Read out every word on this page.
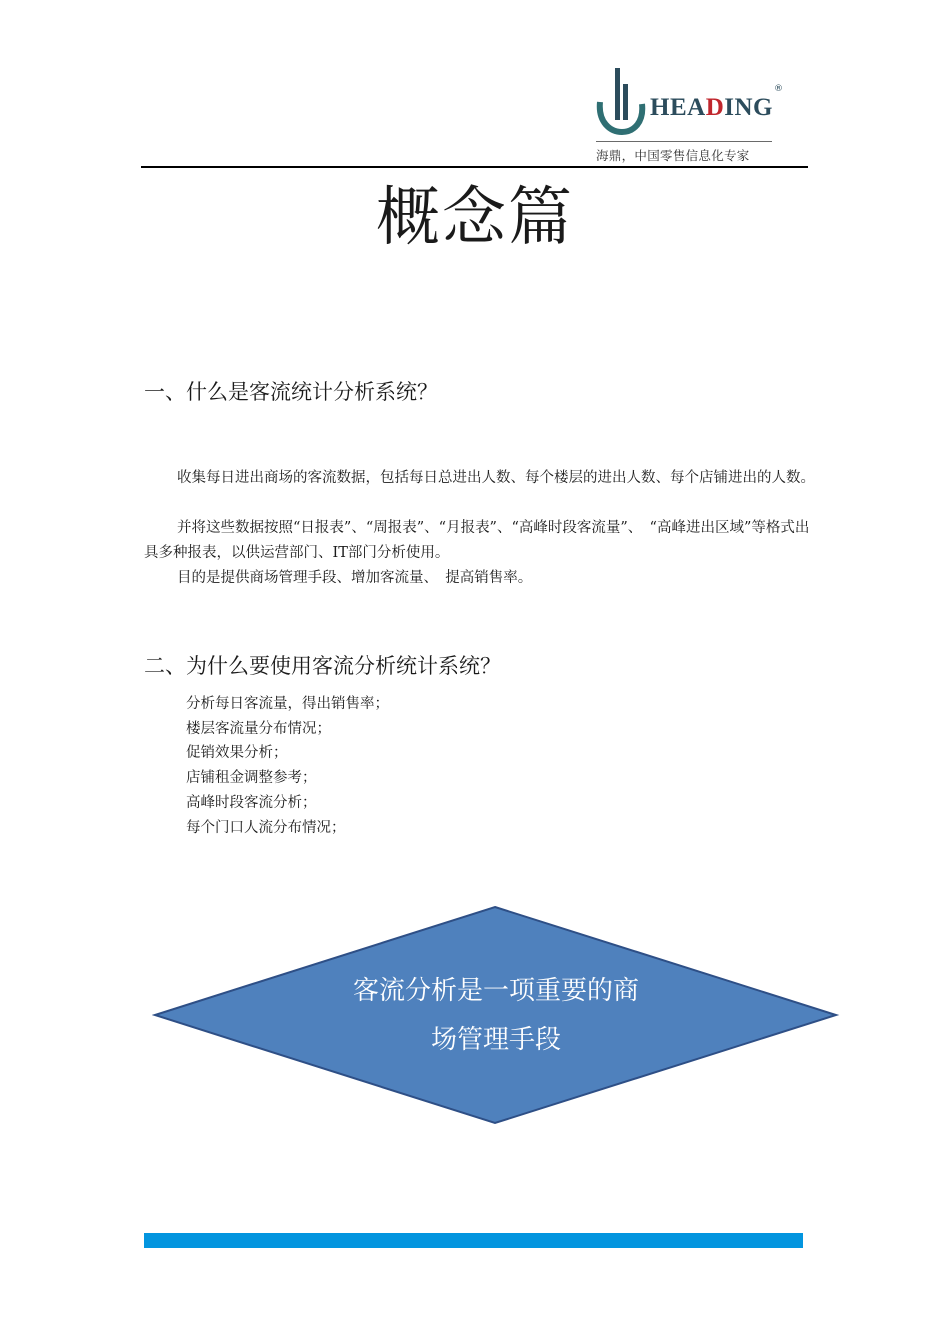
HEADING
®
海鼎，中国零售信息化专家
概念篇
一、什么是客流统计分析系统？

收集每日进出商场的客流数据，包括每日总进出人数、每个楼层的进出人数、每个店铺进出的人数。

并将这些数据按照“日报表”、“周报表”、“月报表”、“高峰时段客流量”、　“高峰进出区域”等格式出具多种报表，以供运营部门、IT部门分析使用。

目的是提供商场管理手段、增加客流量、　提高销售率。

二、为什么要使用客流分析统计系统？
分析每日客流量，得出销售率；
楼层客流量分布情况；
促销效果分析；
店铺租金调整参考；
高峰时段客流分析；
每个门口人流分布情况；

客流分析是一项重要的商

场管理手段
